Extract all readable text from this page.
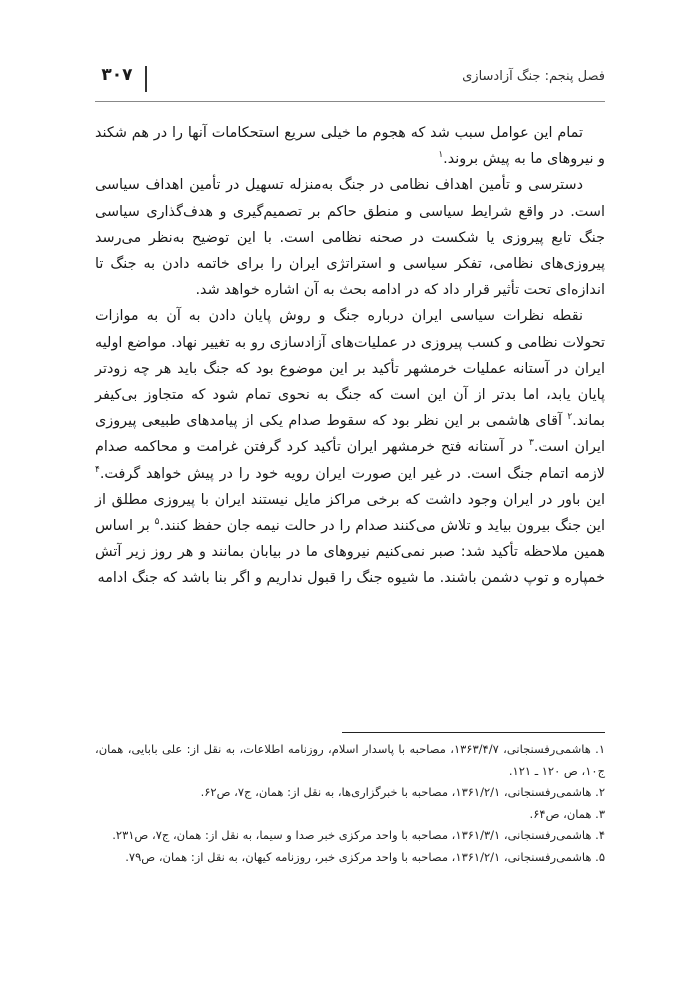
فصل پنجم: جنگ آزادسازی
۳۰۷

تمام این عوامل سبب شد که هجوم ما خیلی سریع استحکامات آنها را در هم شکند و نیروهای ما به پیش بروند.$^۱$

دسترسی و تأمین اهداف نظامی در جنگ به‌منزله تسهیل در تأمین اهداف سیاسی است. در واقع شرایط سیاسی و منطق حاکم بر تصمیم‌گیری و هدف‌گذاری سیاسی جنگ تابع پیروزی یا شکست در صحنه نظامی است. با این توضیح به‌نظر می‌رسد پیروزی‌های نظامی، تفکر سیاسی و استراتژی ایران را برای خاتمه دادن به جنگ تا اندازه‌ای تحت تأثیر قرار داد که در ادامه بحث به آن اشاره خواهد شد.

نقطه نظرات سیاسی ایران درباره جنگ و روش پایان دادن به آن به موازات تحولات نظامی و کسب پیروزی در عملیات‌های آزادسازی رو به تغییر نهاد. مواضع اولیه ایران در آستانه عملیات خرمشهر تأکید بر این موضوع بود که جنگ باید هر چه زودتر پایان یابد، اما بدتر از آن این است که جنگ به نحوی تمام شود که متجاوز بی‌کیفر بماند.$^۲$ آقای هاشمی بر این نظر بود که سقوط صدام یکی از پیامدهای طبیعی پیروزی ایران است.$^۳$ در آستانه فتح خرمشهر ایران تأکید کرد گرفتن غرامت و محاکمه صدام لازمه اتمام جنگ است. در غیر این صورت ایران رویه خود را در پیش خواهد گرفت.$^۴$ این باور در ایران وجود داشت که برخی مراکز مایل نیستند ایران با پیروزی مطلق از این جنگ بیرون بیاید و تلاش می‌کنند صدام را در حالت نیمه جان حفظ کنند.$^۵$ بر اساس همین ملاحظه تأکید شد: صبر نمی‌کنیم نیروهای ما در بیابان بمانند و هر روز زیر آتش خمپاره و توپ دشمن باشند. ما شیوه جنگ را قبول نداریم و اگر بنا باشد که جنگ ادامه

۱. هاشمی‌رفسنجانی، ۱۳۶۳/۴/۷، مصاحبه با پاسدار اسلام، روزنامه اطلاعات، به نقل از: علی بابایی، همان، ج۱۰، ص ۱۲۰ ـ ۱۲۱.

۲. هاشمی‌رفسنجانی، ۱۳۶۱/۲/۱، مصاحبه با خبرگزاری‌ها، به نقل از: همان، ج۷، ص۶۲.

۳. همان، ص۶۴.

۴. هاشمی‌رفسنجانی، ۱۳۶۱/۳/۱، مصاحبه با واحد مرکزی خبر صدا و سیما، به نقل از: همان، ج۷، ص۲۳۱.

۵. هاشمی‌رفسنجانی، ۱۳۶۱/۲/۱، مصاحبه با واحد مرکزی خبر، روزنامه کیهان، به نقل از: همان، ص۷۹.
